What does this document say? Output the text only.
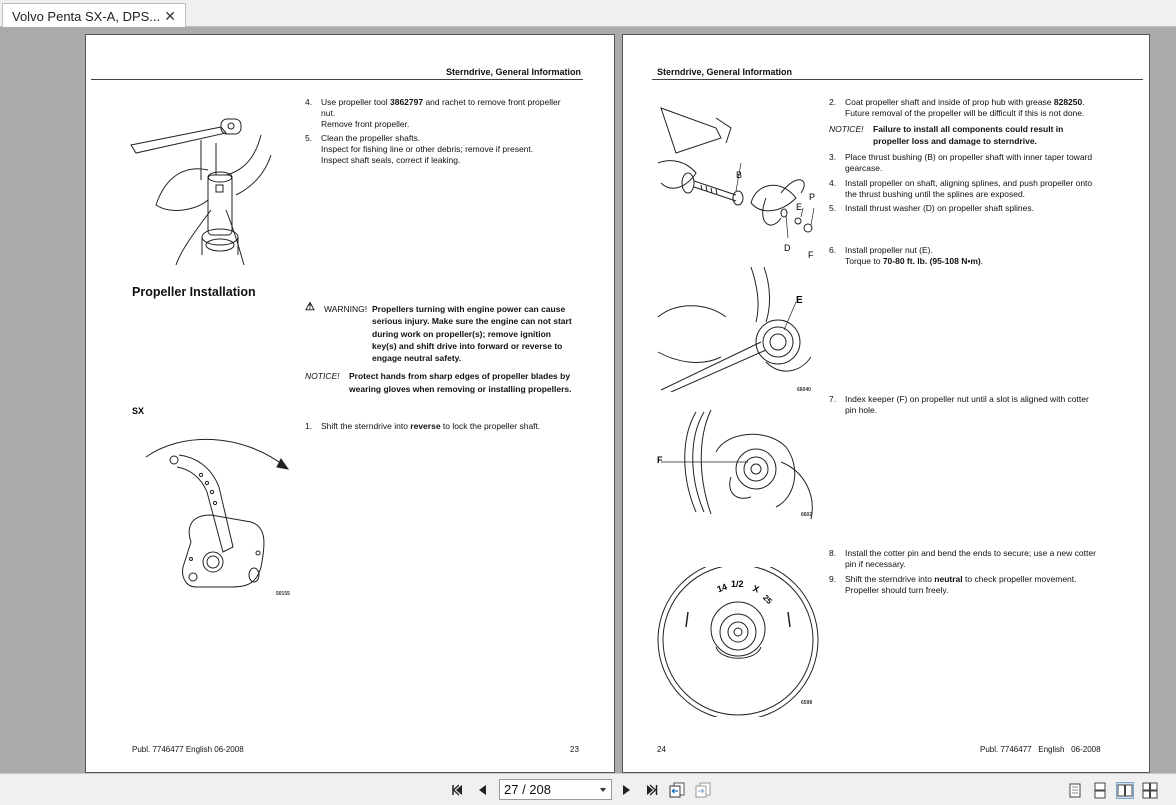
Volvo Penta SX-A, DPS... ✕
Sterndrive, General Information
4. Use propeller tool 3862797 and rachet to remove front propeller
nut.
Remove front propeller.
5. Clean the propeller shafts.
Inspect for fishing line or other debris; remove if present.
Inspect shaft seals, correct if leaking.
Propeller Installation
⚠ WARNING! Propellers turning with engine power can cause
serious injury. Make sure the engine can not start
during work on propeller(s); remove ignition
key(s) and shift drive into forward or reverse to
engage neutral safety.
NOTICE! Protect hands from sharp edges of propeller blades by
wearing gloves when removing or installing propellers.
SX
1. Shift the sterndrive into reverse to lock the propeller shaft.
50155
Publ. 7746477 English 06-2008	23
Sterndrive, General Information
B
E
P
D
F
2. Coat propeller shaft and inside of prop hub with grease 828250.
Future removal of the propeller will be difficult if this is not done.
NOTICE! Failure to install all components could result in
propeller loss and damage to sterndrive.
3. Place thrust bushing (B) on propeller shaft with inner taper toward
gearcase.
4. Install propeller on shaft, aligning splines, and push propeller onto
the thrust bushing until the splines are exposed.
5. Install thrust washer (D) on propeller shaft splines.
E
66040
6. Install propeller nut (E).
Torque to 70-80 ft. lb. (95-108 N•m).
F
6602
7. Index keeper (F) on propeller nut until a slot is aligned with cotter
pin hole.
14 1/2 X
25
6598
8. Install the cotter pin and bend the ends to secure; use a new cotter
pin if necessary.
9. Shift the sterndrive into neutral to check propeller movement.
Propeller should turn freely.
24	Publ. 7746477   English   06-2008
27 / 208
